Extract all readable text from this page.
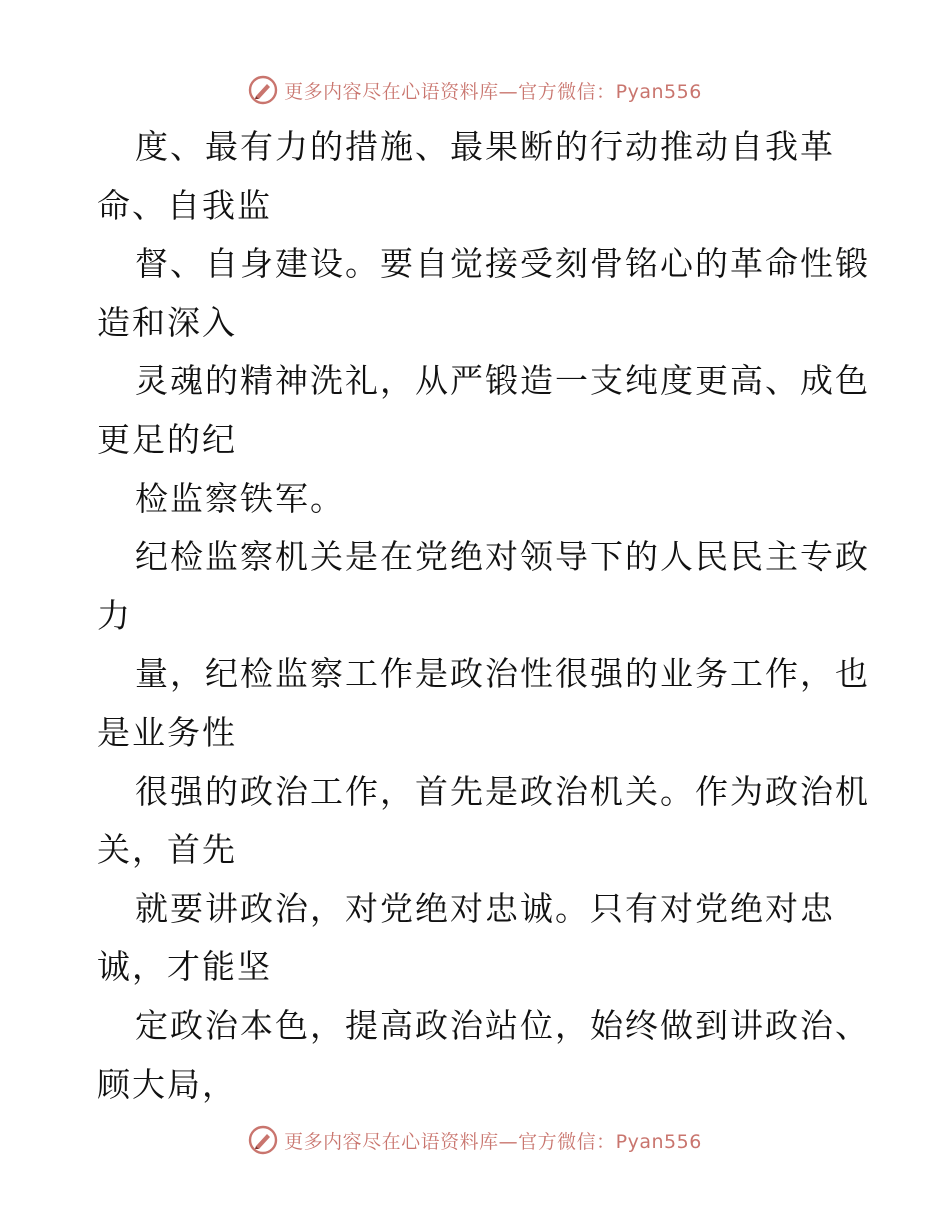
更多内容尽在心语资料库—官方微信：Pyan556

度、最有力的措施、最果断的行动推动自我革

命、自我监

督、自身建设。要自觉接受刻骨铭心的革命性锻

造和深入

灵魂的精神洗礼，从严锻造一支纯度更高、成色

更足的纪

检监察铁军。

纪检监察机关是在党绝对领导下的人民民主专政

力

量，纪检监察工作是政治性很强的业务工作，也

是业务性

很强的政治工作，首先是政治机关。作为政治机

关，首先

就要讲政治，对党绝对忠诚。只有对党绝对忠

诚，才能坚

定政治本色，提高政治站位，始终做到讲政治、

顾大局，

更多内容尽在心语资料库—官方微信：Pyan556
